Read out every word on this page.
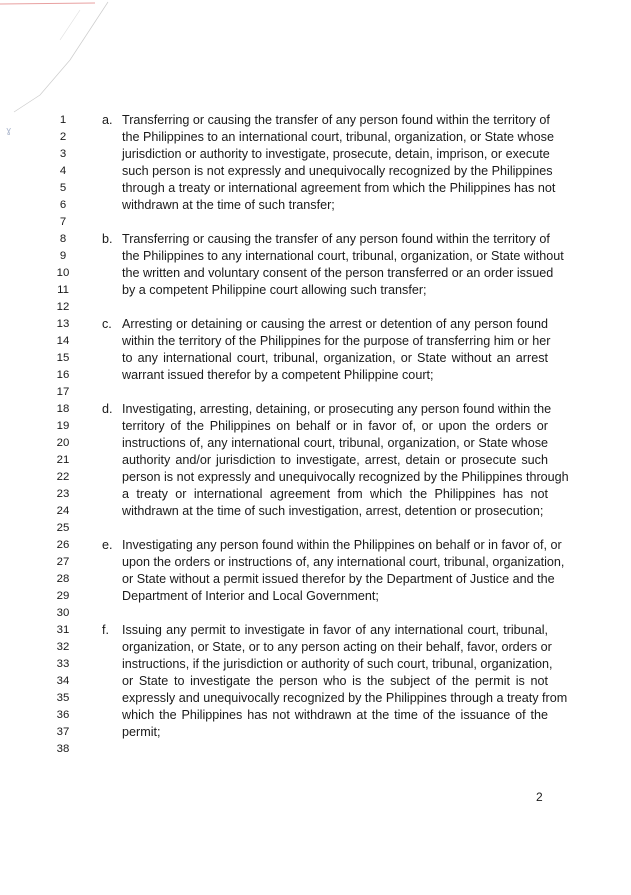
ɣ
1
2
3
4
5
6
7
8
9
10
11
12
13
14
15
16
17
18
19
20
21
22
23
24
25
26
27
28
29
30
31
32
33
34
35
36
37
38
a. Transferring or causing the transfer of any person found within the territory of
the Philippines to an international court, tribunal, organization, or State whose
jurisdiction or authority to investigate, prosecute, detain, imprison, or execute
such person is not expressly and unequivocally recognized by the Philippines
through a treaty or international agreement from which the Philippines has not
withdrawn at the time of such transfer;
b. Transferring or causing the transfer of any person found within the territory of
the Philippines to any international court, tribunal, organization, or State without
the written and voluntary consent of the person transferred or an order issued
by a competent Philippine court allowing such transfer;
c. Arresting or detaining or causing the arrest or detention of any person found
within the territory of the Philippines for the purpose of transferring him or her
to any international court, tribunal, organization, or State without an arrest
warrant issued therefor by a competent Philippine court;
d. Investigating, arresting, detaining, or prosecuting any person found within the
territory of the Philippines on behalf or in favor of, or upon the orders or
instructions of, any international court, tribunal, organization, or State whose
authority and/or jurisdiction to investigate, arrest, detain or prosecute such
person is not expressly and unequivocally recognized by the Philippines through
a treaty or international agreement from which the Philippines has not
withdrawn at the time of such investigation, arrest, detention or prosecution;
e. Investigating any person found within the Philippines on behalf or in favor of, or
upon the orders or instructions of, any international court, tribunal, organization,
or State without a permit issued therefor by the Department of Justice and the
Department of Interior and Local Government;
f.	Issuing any permit to investigate in favor of any international court, tribunal,
organization, or State, or to any person acting on their behalf, favor, orders or
instructions, if the jurisdiction or authority of such court, tribunal, organization,
or State to investigate the person who is the subject of the permit is not
expressly and unequivocally recognized by the Philippines through a treaty from
which the Philippines has not withdrawn at the time of the issuance of the
permit;
2
